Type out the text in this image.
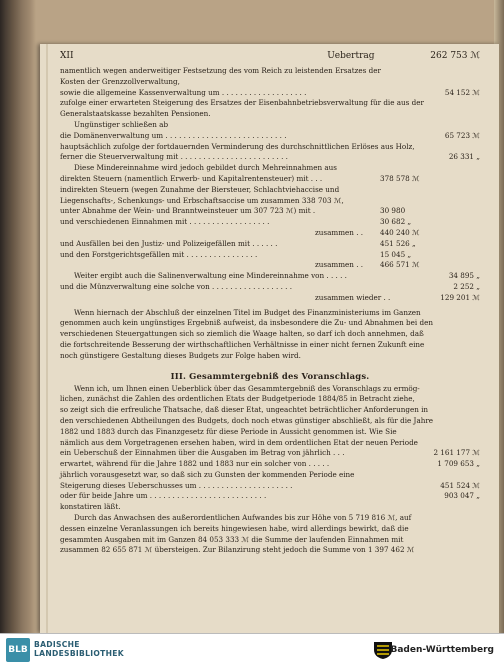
XII	Uebertrag	262 753 ℳ
namentlich wegen anderweitiger Festsetzung des vom Reich zu leistenden Ersatzes der
Kosten der Grenzzollverwaltung,
sowie die allgemeine Kassenverwaltung um . . . . . . . . . . . . . . . . . . .	54 152 ℳ
zufolge einer erwarteten Steigerung des Ersatzes der Eisenbahnbetriebsverwaltung für die aus der
Generalstaatskasse bezahlten Pensionen.
Ungünstiger schließen ab
die Domänenverwaltung um . . . . . . . . . . . . . . . . . . . . . . . . . . .	65 723 ℳ
hauptsächlich zufolge der fortdauernden Verminderung des durchschnittlichen Erlöses aus Holz,
ferner die Steuerverwaltung mit . . . . . . . . . . . . . . . . . . . . . . . .	26 331 „
Diese Mindereinnahme wird jedoch gebildet durch Mehreinnahmen aus
direkten Steuern (namentlich Erwerb- und Kapitalrentensteuer) mit . . .	378 578 ℳ
indirekten Steuern (wegen Zunahme der Biersteuer, Schlachtviehaccise und
Liegenschafts-, Schenkungs- und Erbschaftsaccise um zusammen 338 703 ℳ,
unter Abnahme der Wein- und Branntweinsteuer um 307 723 ℳ) mit .	30 980
und verschiedenen Einnahmen mit . . . . . . . . . . . . . . . . . .	30 682 „
zusammen . . 440 240 ℳ
und Ausfällen bei den Justiz- und Polizeigefällen mit . . . . . .	451 526 „
und den Forstgerichtsgefällen mit . . . . . . . . . . . . . . . .	15 045 „
zusammen . . 466 571 ℳ
Weiter ergibt auch die Salinenverwaltung eine Mindereinnahme von . . . . .	34 895 „
und die Münzverwaltung eine solche von . . . . . . . . . . . . . . . . . .	2 252 „
zusammen wieder . .	129 201 ℳ
Wenn hiernach der Abschluß der einzelnen Titel im Budget des Finanzministeriums im Ganzen
genommen auch kein ungünstiges Ergebniß aufweist, da insbesondere die Zu- und Abnahmen bei den
verschiedenen Steuergattungen sich so ziemlich die Waage halten, so darf ich doch annehmen, daß
die fortschreitende Besserung der wirthschaftlichen Verhältnisse in einer nicht fernen Zukunft eine
noch günstigere Gestaltung dieses Budgets zur Folge haben wird.
III. Gesammtergebniß des Voranschlags.
Wenn ich, um Ihnen einen Ueberblick über das Gesammtergebniß des Voranschlags zu ermög-
lichen, zunächst die Zahlen des ordentlichen Etats der Budgetperiode 1884/85 in Betracht ziehe,
so zeigt sich die erfreuliche Thatsache, daß dieser Etat, ungeachtet beträchtlicher Anforderungen in
den verschiedenen Abtheilungen des Budgets, doch noch etwas günstiger abschließt, als für die Jahre
1882 und 1883 durch das Finanzgesetz für diese Periode in Aussicht genommen ist. Wie Sie
nämlich aus dem Vorgetragenen ersehen haben, wird in dem ordentlichen Etat der neuen Periode
ein Ueberschuß der Einnahmen über die Ausgaben im Betrag von jährlich . . .	2 161 177 ℳ
erwartet, während für die Jahre 1882 und 1883 nur ein solcher von . . . . .	1 709 653 „
jährlich vorausgesetzt war, so daß sich zu Gunsten der kommenden Periode eine
Steigerung dieses Ueberschusses um . . . . . . . . . . . . . . . . . . . . .	451 524 ℳ
oder für beide Jahre um . . . . . . . . . . . . . . . . . . . . . . . . . .	903 047 „
konstatiren läßt.
Durch das Anwachsen des außerordentlichen Aufwandes bis zur Höhe von 5 719 816 ℳ, auf
dessen einzelne Veranlassungen ich bereits hingewiesen habe, wird allerdings bewirkt, daß die
gesammten Ausgaben mit im Ganzen 84 053 333 ℳ die Summe der laufenden Einnahmen mit
zusammen 82 655 871 ℳ übersteigen. Zur Bilanzirung steht jedoch die Summe von 1 397 462 ℳ
BLB
BADISCHE
LANDESBIBLIOTHEK	Baden-Württemberg
